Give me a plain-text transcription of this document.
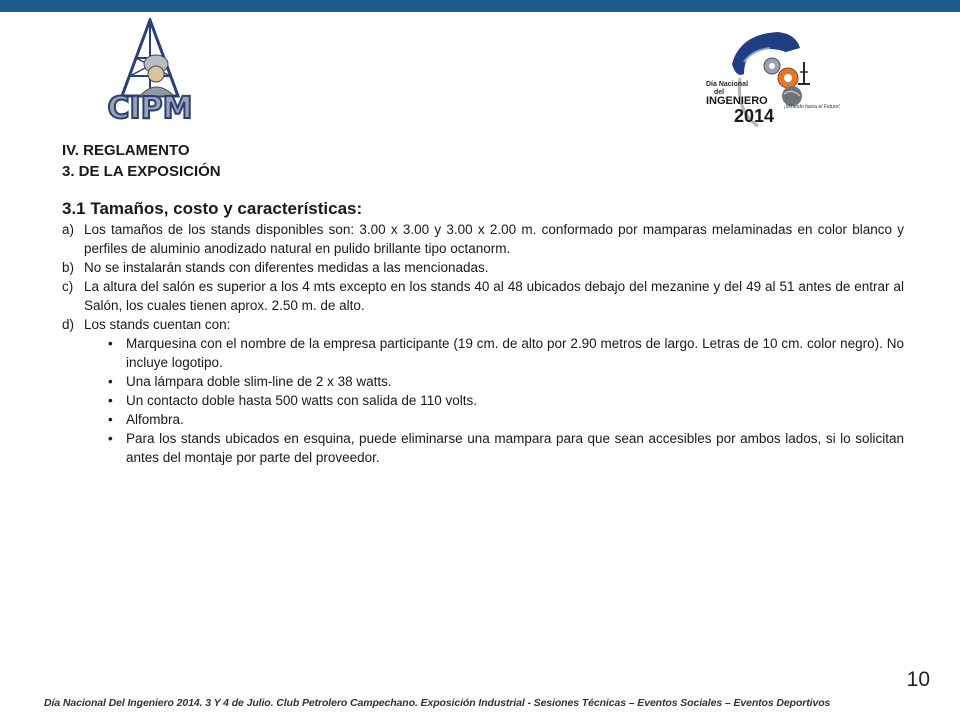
CIPM
Día Nacional
del
INGENIERO
2014 ¡Mirando hacia el Futuro!
IV. REGLAMENTO
3. DE LA EXPOSICIÓN
3.1 Tamaños, costo y características:
a) Los tamaños de los stands disponibles son: 3.00 x 3.00 y 3.00 x 2.00 m. conformado por mamparas melaminadas en color blanco y perfiles de aluminio anodizado natural en pulido brillante tipo octanorm.
b) No se instalarán stands con diferentes medidas a las mencionadas.
c) La altura del salón es superior a los 4 mts excepto en los stands 40 al 48 ubicados debajo del mezanine y del 49 al 51 antes de entrar al Salón, los cuales tienen aprox. 2.50 m. de alto.
d) Los stands cuentan con:
• Marquesina con el nombre de la empresa participante (19 cm. de alto por 2.90 metros de largo. Letras de 10 cm. color negro). No incluye logotipo.
• Una lámpara doble slim-line de 2 x 38 watts.
• Un contacto doble hasta 500 watts con salida de 110 volts.
• Alfombra.
• Para los stands ubicados en esquina, puede eliminarse una mampara para que sean accesibles por ambos lados, si lo solicitan antes del montaje por parte del proveedor.
10
Día Nacional Del Ingeniero 2014. 3 Y 4 de Julio. Club Petrolero Campechano. Exposición Industrial - Sesiones Técnicas – Eventos Sociales – Eventos Deportivos
